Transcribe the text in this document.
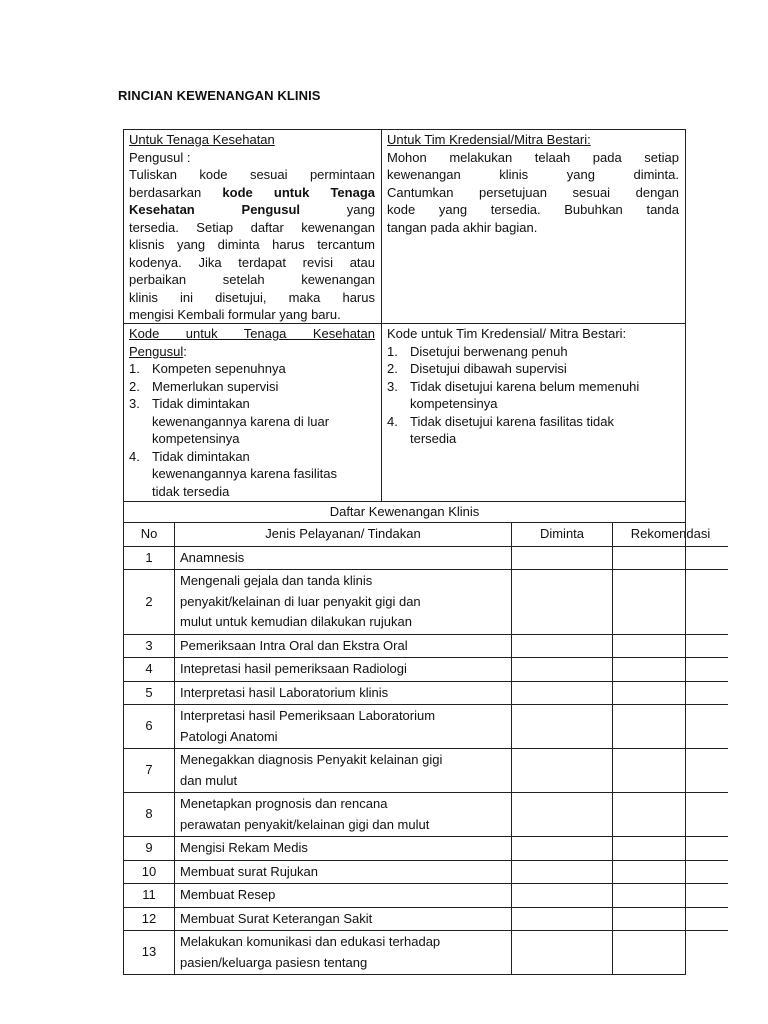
RINCIAN KEWENANGAN KLINIS
Untuk Tenaga Kesehatan
Pengusul :
Tuliskan kode sesuai permintaan
berdasarkan kode untuk Tenaga
Kesehatan Pengusul yang
tersedia. Setiap daftar kewenangan
klisnis yang diminta harus tercantum
kodenya. Jika terdapat revisi atau
perbaikan setelah kewenangan
klinis ini disetujui, maka harus
mengisi Kembali formular yang baru.
Untuk Tim Kredensial/Mitra Bestari:
Mohon melakukan telaah pada setiap
kewenangan klinis yang diminta.
Cantumkan persetujuan sesuai dengan
kode yang tersedia. Bubuhkan tanda
tangan pada akhir bagian.
Kode untuk Tenaga Kesehatan
Pengusul:
1. Kompeten sepenuhnya
2. Memerlukan supervisi
3. Tidak dimintakan
kewenangannya karena di luar
kompetensinya
4. Tidak dimintakan
kewenangannya karena fasilitas
tidak tersedia
Kode untuk Tim Kredensial/ Mitra Bestari:
1. Disetujui berwenang penuh
2. Disetujui dibawah supervisi
3. Tidak disetujui karena belum memenuhi
kompetensinya
4. Tidak disetujui karena fasilitas tidak
tersedia
Daftar Kewenangan Klinis
No	Jenis Pelayanan/ Tindakan	Diminta	Rekomendasi
1	Anamnesis		

2	Mengenali gejala dan tanda klinis
penyakit/kelainan di luar penyakit gigi dan
mulut untuk kemudian dilakukan rujukan		

3	Pemeriksaan Intra Oral dan Ekstra Oral		

4	Intepretasi hasil pemeriksaan Radiologi		

5	Interpretasi hasil Laboratorium klinis		

6	Interpretasi hasil Pemeriksaan Laboratorium
Patologi Anatomi		

7	Menegakkan diagnosis Penyakit kelainan gigi
dan mulut		

8	Menetapkan prognosis dan rencana
perawatan penyakit/kelainan gigi dan mulut		

9	Mengisi Rekam Medis		

10	Membuat surat Rujukan		

11	Membuat Resep		

12	Membuat Surat Keterangan Sakit		

13	Melakukan komunikasi dan edukasi terhadap
pasien/keluarga pasiesn tentang		
